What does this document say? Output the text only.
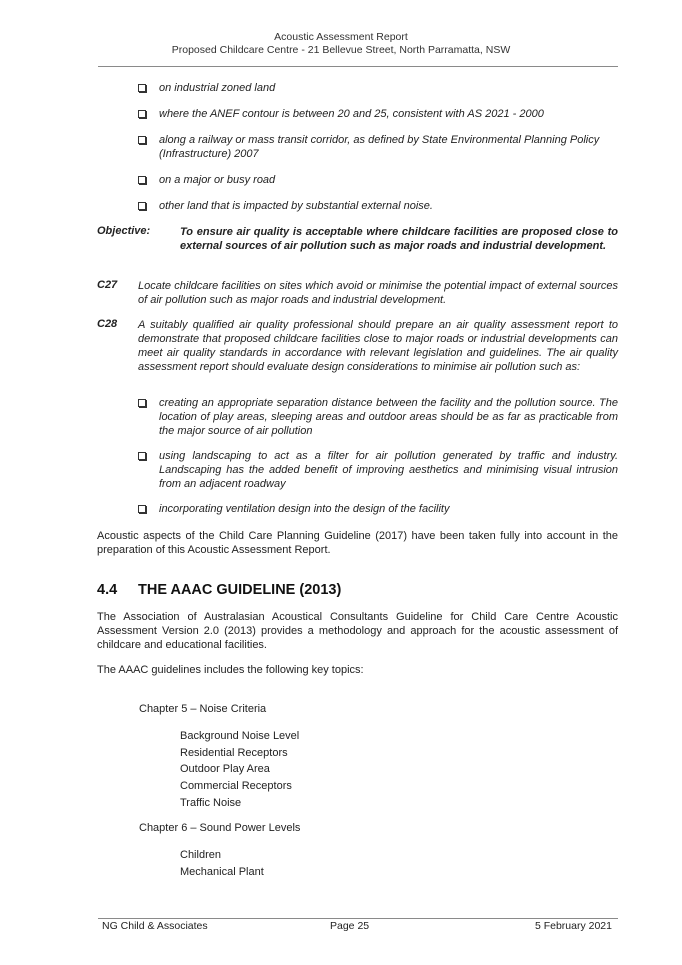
Acoustic Assessment Report
Proposed Childcare Centre - 21 Bellevue Street, North Parramatta, NSW
on industrial zoned land
where the ANEF contour is between 20 and 25, consistent with AS 2021 - 2000
along a railway or mass transit corridor, as defined by State Environmental Planning Policy (Infrastructure) 2007
on a major or busy road
other land that is impacted by substantial external noise.
Objective:	To ensure air quality is acceptable where childcare facilities are proposed close to external sources of air pollution such as major roads and industrial development.
C27 Locate childcare facilities on sites which avoid or minimise the potential impact of external sources of air pollution such as major roads and industrial development.
C28 A suitably qualified air quality professional should prepare an air quality assessment report to demonstrate that proposed childcare facilities close to major roads or industrial developments can meet air quality standards in accordance with relevant legislation and guidelines. The air quality assessment report should evaluate design considerations to minimise air pollution such as:
creating an appropriate separation distance between the facility and the pollution source. The location of play areas, sleeping areas and outdoor areas should be as far as practicable from the major source of air pollution
using landscaping to act as a filter for air pollution generated by traffic and industry. Landscaping has the added benefit of improving aesthetics and minimising visual intrusion from an adjacent roadway
incorporating ventilation design into the design of the facility
Acoustic aspects of the Child Care Planning Guideline (2017) have been taken fully into account in the preparation of this Acoustic Assessment Report.
4.4 THE AAAC GUIDELINE (2013)
The Association of Australasian Acoustical Consultants Guideline for Child Care Centre Acoustic Assessment Version 2.0 (2013) provides a methodology and approach for the acoustic assessment of childcare and educational facilities.
The AAAC guidelines includes the following key topics:
Chapter 5 – Noise Criteria
Background Noise Level
Residential Receptors
Outdoor Play Area
Commercial Receptors
Traffic Noise
Chapter 6 – Sound Power Levels
Children
Mechanical Plant
NG Child & Associates	Page 25	5 February 2021
